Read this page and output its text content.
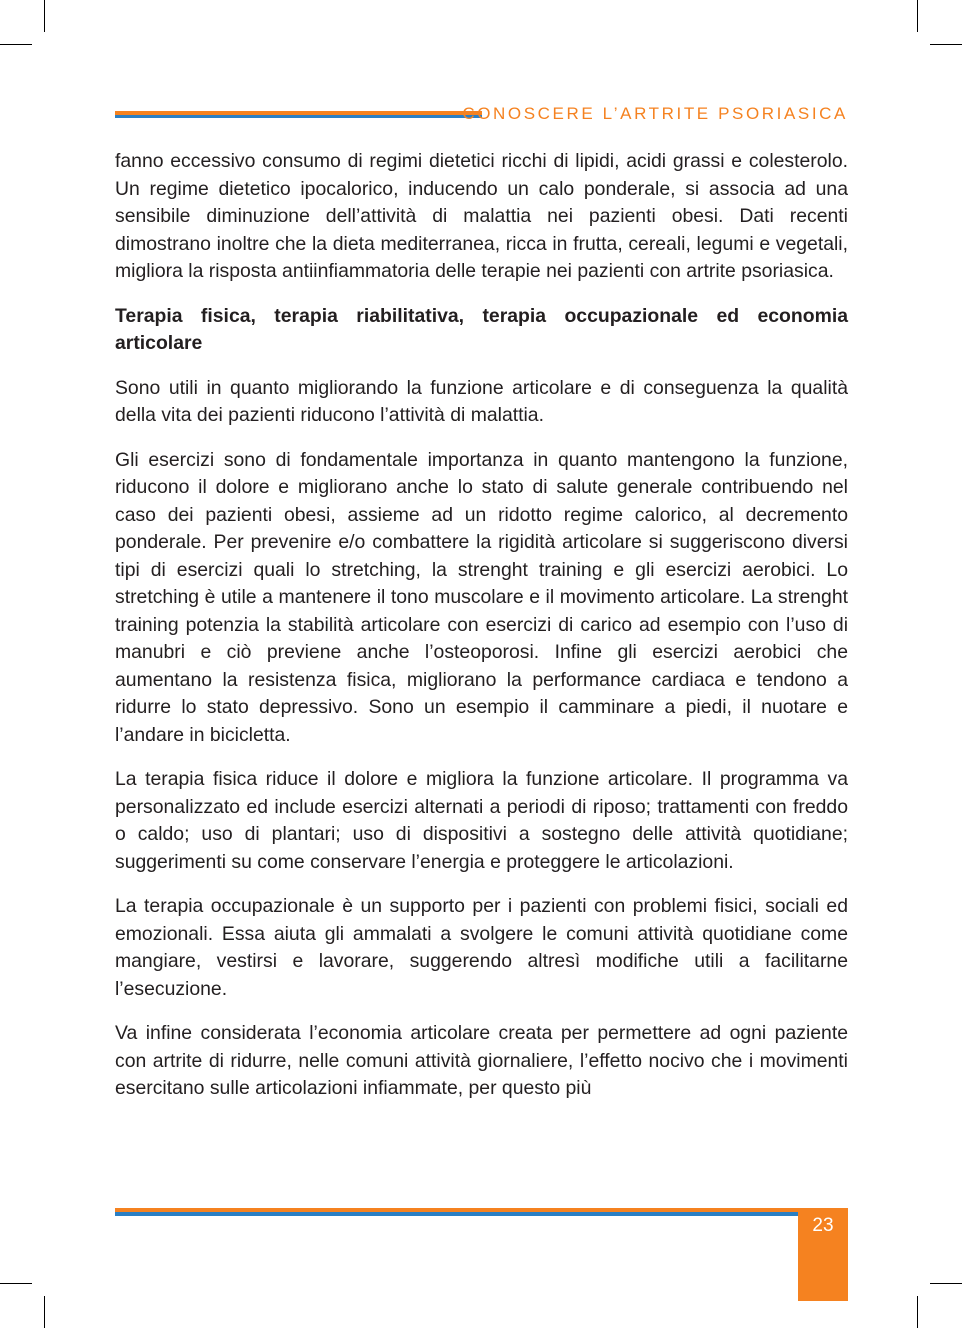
CONOSCERE L’ARTRITE PSORIASICA

fanno eccessivo consumo di regimi dietetici ricchi di lipidi, acidi grassi e colesterolo. Un regime dietetico ipocalorico, inducendo un calo ponderale, si associa ad una sensibile diminuzione dell’attività di malattia nei pazienti obesi. Dati recenti dimostrano inoltre che la dieta mediterranea, ricca in frutta, cereali, legumi e vegetali, migliora la risposta antiinfiammatoria delle terapie nei pazienti con artrite psoriasica.

Terapia fisica, terapia riabilitativa, terapia occupazionale ed economia articolare

Sono utili in quanto migliorando la funzione articolare e di conseguenza la qualità della vita dei pazienti riducono l’attività di malattia.

Gli esercizi sono di fondamentale importanza in quanto mantengono la funzione, riducono il dolore e migliorano anche lo stato di salute generale contribuendo nel caso dei pazienti obesi, assieme ad un ridotto regime calorico, al decremento ponderale. Per prevenire e/o combattere la rigidità articolare si suggeriscono diversi tipi di esercizi quali lo stretching, la strenght training e gli esercizi aerobici. Lo stretching è utile a mantenere il tono muscolare e il movimento articolare. La strenght training potenzia la stabilità articolare con esercizi di carico ad esempio con l’uso di manubri e ciò previene anche l’osteoporosi. Infine gli esercizi aerobici che aumentano la resistenza fisica, migliorano la performance cardiaca e tendono a ridurre lo stato depressivo. Sono un esempio il camminare a piedi, il nuotare e l’andare in bicicletta.

La terapia fisica riduce il dolore e migliora la funzione articolare. Il programma va personalizzato ed include esercizi alternati a periodi di riposo; trattamenti con freddo o caldo; uso di plantari; uso di dispositivi a sostegno delle attività quotidiane; suggerimenti su come conservare l’energia e proteggere le articolazioni.

La terapia occupazionale è un supporto per i pazienti con problemi fisici, sociali ed emozionali. Essa aiuta gli ammalati a svolgere le comuni attività quotidiane come mangiare, vestirsi e lavorare, suggerendo altresì modifiche utili a facilitarne l’esecuzione.

Va infine considerata l’economia articolare creata per permettere ad ogni paziente con artrite di ridurre, nelle comuni attività giornaliere, l’effetto nocivo che i movimenti esercitano sulle articolazioni infiammate, per questo più

23
